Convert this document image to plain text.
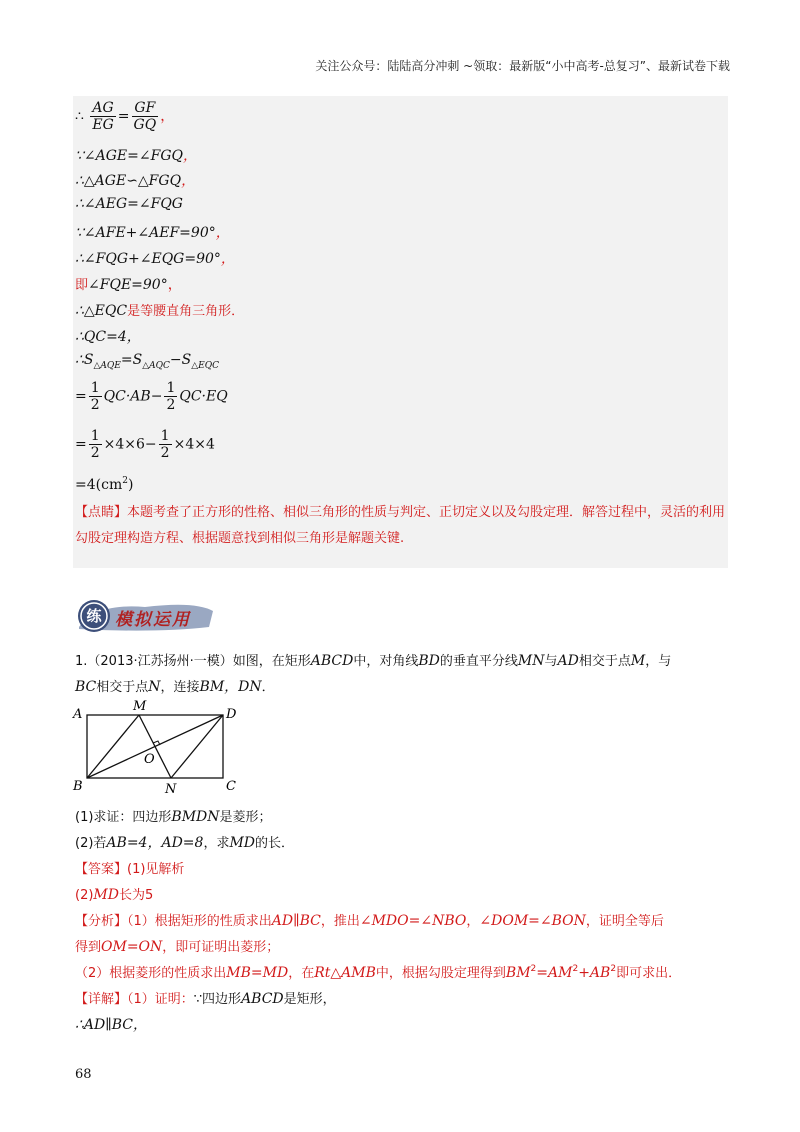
关注公众号：陆陆高分冲刺 ~领取：最新版“小中高考-总复习”、最新试卷下载
∴ $\frac{AG}{EG} = \frac{GF}{GQ}$ ，
∵∠AGE=∠FGQ，
∴△AGE∽△FGQ，
∴∠AEG=∠FQG
∵∠AFE+∠AEF=90°，
∴∠FQG+∠EQG=90°，
即∠FQE=90°，
∴△EQC是等腰直角三角形．
∴QC=4，
$\therefore S_{\triangle AQE}=S_{\triangle AQC}-S_{\triangle EQC}$
= $\frac{1}{2} QC\cdot AB- \frac{1}{2} QC\cdot EQ$
= $\frac{1}{2} \times 4\times 6- \frac{1}{2} \times 4\times 4$
$=4(cm^2)$
【点睛】本题考查了正方形的性格、相似三角形的性质与判定、正切定义以及勾股定理．解答过程中，灵活的利用勾股定理构造方程、根据题意找到相似三角形是解题关键.
练 模拟运用
1.（2013·江苏扬州·一模）如图，在矩形ABCD中，对角线BD的垂直平分线MN与AD相交于点M，与
BC相交于点N，连接BM，DN．
A
B	C
D
M
N
O
(1)求证：四边形BMDN是菱形；
(2)若AB=4，AD=8，求MD的长．
【答案】(1)见解析
(2)MD长为5
【分析】（1）根据矩形的性质求出AD∥BC，推出∠MDO=∠NBO，∠DOM=∠BON，证明全等后
得到OM=ON，即可证明出菱形；
（2）根据菱形的性质求出MB=MD，在Rt△AMB中，根据勾股定理得到$BM^2=AM^2+AB^2$即可求出．
【详解】（1）证明：∵四边形ABCD是矩形，
∴AD∥BC，
68
